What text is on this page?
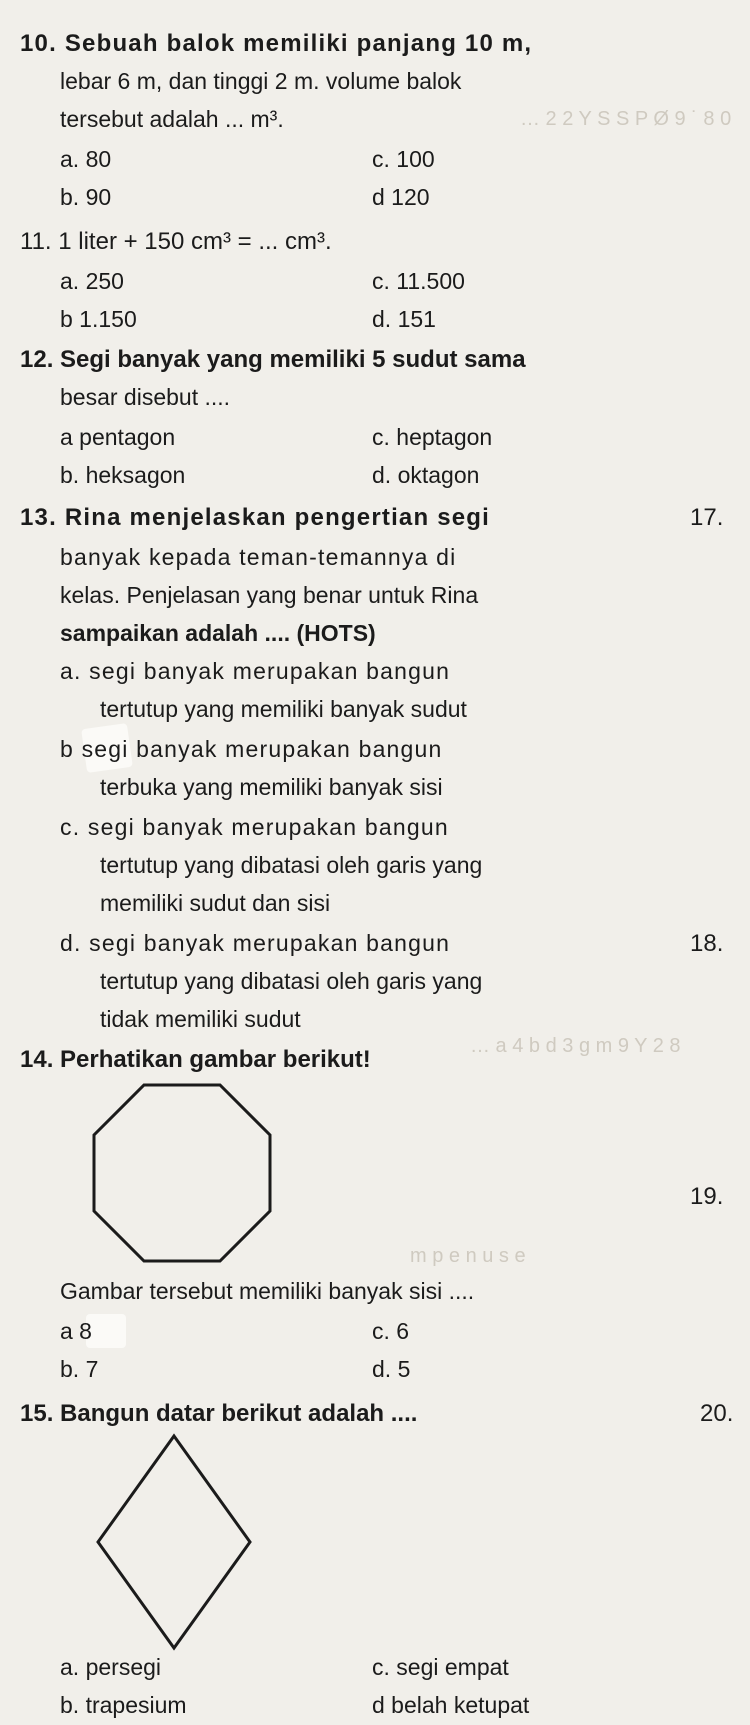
… 2 2 Y S S P Ø 9 ˙ 8 0
… a 4 b d 3 g m 9 Y 2 8
m p e n u s e
10. Sebuah balok memiliki panjang 10 m,
lebar 6 m, dan tinggi 2 m. volume balok
tersebut adalah ... m³.
a. 80	c. 100
b. 90	d 120
11. 1 liter + 150 cm³ = ... cm³.
a. 250	c. 11.500
b 1.150	d. 151
12. Segi banyak yang memiliki 5 sudut sama
besar disebut ....
a pentagon	c. heptagon
b. heksagon	d. oktagon
13. Rina menjelaskan pengertian segi
banyak kepada teman-temannya di
kelas. Penjelasan yang benar untuk Rina
sampaikan adalah .... (HOTS)
a. segi banyak merupakan bangun
tertutup yang memiliki banyak sudut
b segi banyak merupakan bangun
terbuka yang memiliki banyak sisi
c. segi banyak merupakan bangun
tertutup yang dibatasi oleh garis yang
memiliki sudut dan sisi
d. segi banyak merupakan bangun
tertutup yang dibatasi oleh garis yang
tidak memiliki sudut
14. Perhatikan gambar berikut!
Gambar tersebut memiliki banyak sisi ....
a 8	c. 6
b. 7	d. 5
15. Bangun datar berikut adalah ....
a. persegi	c. segi empat
b. trapesium	d belah ketupat
17.
18.
19.
20.
